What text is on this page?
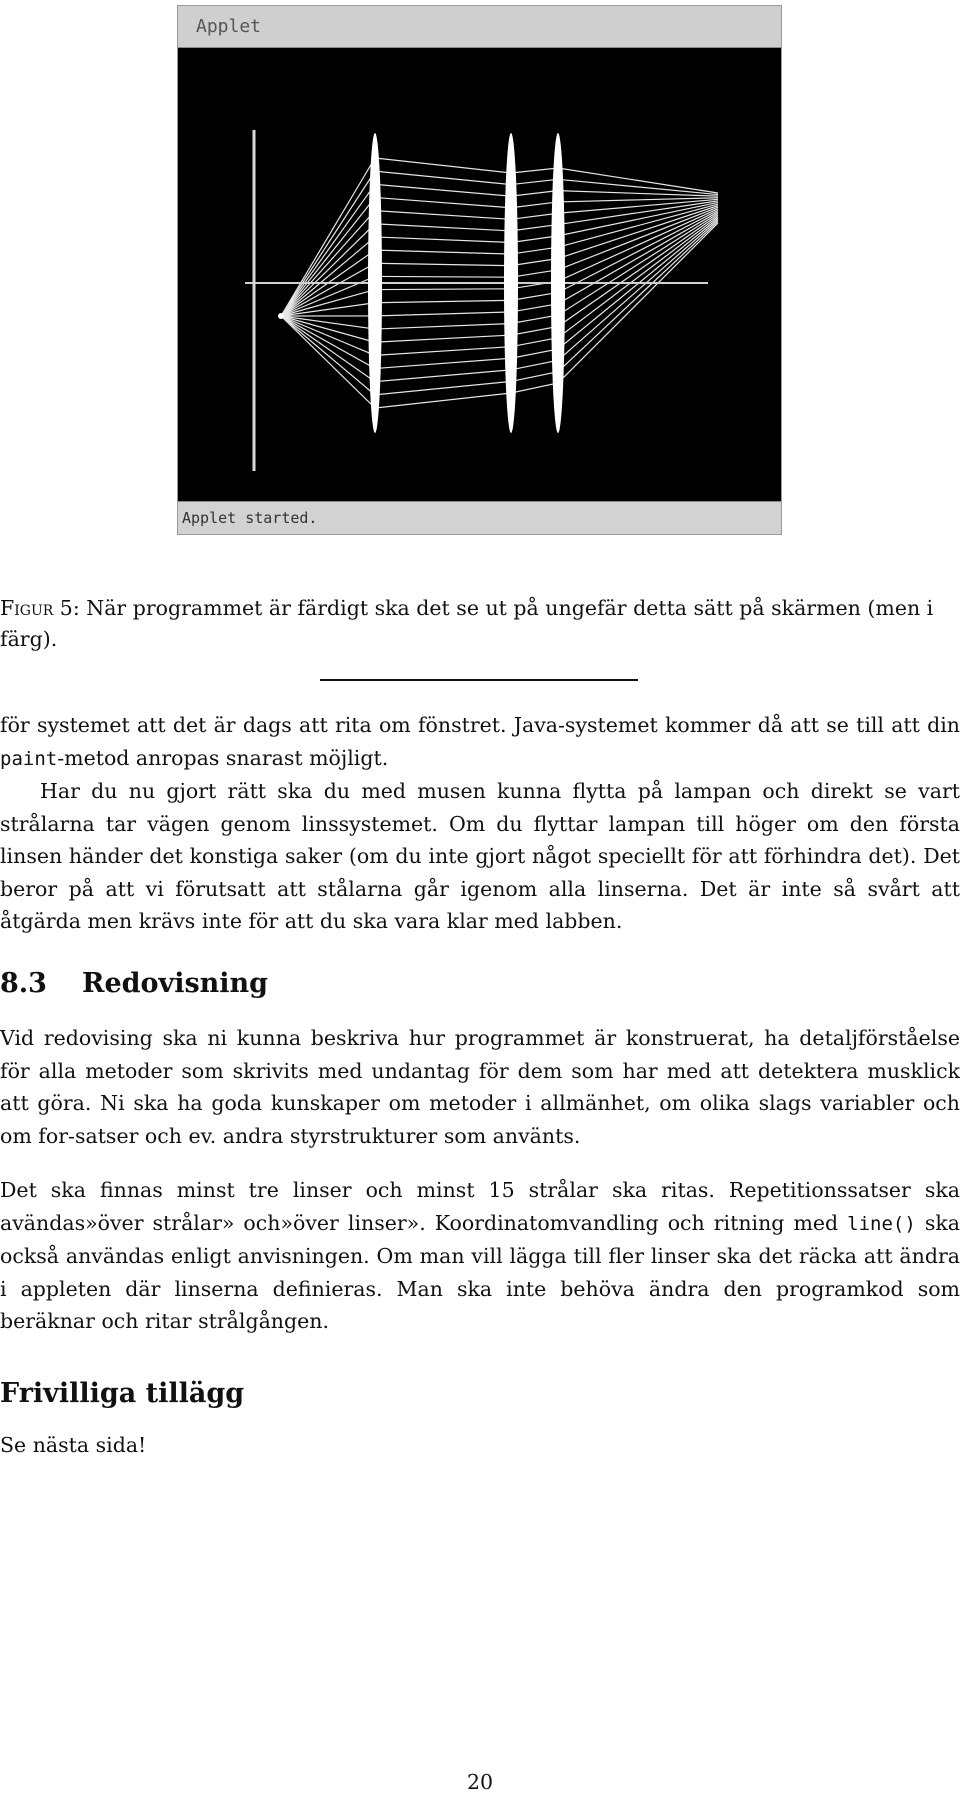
Applet
Applet started.
Figur 5: När programmet är färdigt ska det se ut på ungefär detta sätt på skärmen (men i färg).

för systemet att det är dags att rita om fönstret. Java-systemet kommer då att se till att din paint-metod anropas snarast möjligt.

Har du nu gjort rätt ska du med musen kunna flytta på lampan och direkt se vart strålarna tar vägen genom linssystemet. Om du flyttar lampan till höger om den första linsen händer det konstiga saker (om du inte gjort något speciellt för att förhindra det). Det beror på att vi förutsatt att stålarna går igenom alla linserna. Det är inte så svårt att åtgärda men krävs inte för att du ska vara klar med labben.

8.3 Redovisning

Vid redovising ska ni kunna beskriva hur programmet är konstruerat, ha detaljförståelse för alla metoder som skrivits med undantag för dem som har med att detektera musklick att göra. Ni ska ha goda kunskaper om metoder i allmänhet, om olika slags variabler och om for-satser och ev. andra styrstrukturer som använts.

Det ska finnas minst tre linser och minst 15 strålar ska ritas. Repetitionssatser ska avändas»över strålar» och»över linser». Koordinatomvandling och ritning med line() ska också användas enligt anvisningen. Om man vill lägga till fler linser ska det räcka att ändra i appleten där linserna definieras. Man ska inte behöva ändra den programkod som beräknar och ritar strålgången.

Frivilliga tillägg
Se nästa sida!
20
